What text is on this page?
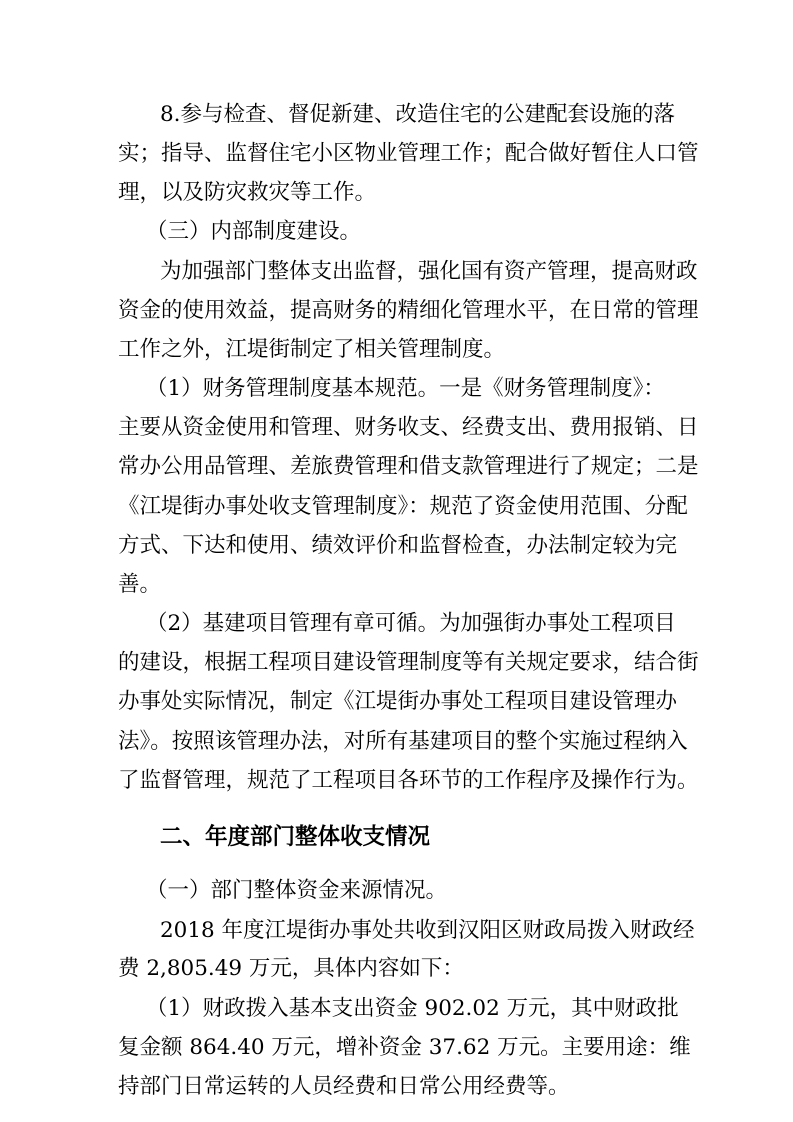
8.参与检查、督促新建、改造住宅的公建配套设施的落
实；指导、监督住宅小区物业管理工作；配合做好暂住人口管
理，以及防灾救灾等工作。
（三）内部制度建设。
为加强部门整体支出监督，强化国有资产管理，提高财政
资金的使用效益，提高财务的精细化管理水平，在日常的管理
工作之外，江堤街制定了相关管理制度。
（1）财务管理制度基本规范。一是《财务管理制度》：
主要从资金使用和管理、财务收支、经费支出、费用报销、日
常办公用品管理、差旅费管理和借支款管理进行了规定；二是
《江堤街办事处收支管理制度》：规范了资金使用范围、分配
方式、下达和使用、绩效评价和监督检查，办法制定较为完
善。
（2）基建项目管理有章可循。为加强街办事处工程项目
的建设，根据工程项目建设管理制度等有关规定要求，结合街
办事处实际情况，制定《江堤街办事处工程项目建设管理办
法》。按照该管理办法，对所有基建项目的整个实施过程纳入
了监督管理，规范了工程项目各环节的工作程序及操作行为。
二、年度部门整体收支情况
（一）部门整体资金来源情况。
2018 年度江堤街办事处共收到汉阳区财政局拨入财政经
费 2,805.49 万元，具体内容如下：
（1）财政拨入基本支出资金 902.02 万元，其中财政批
复金额 864.40 万元，增补资金 37.62 万元。主要用途：维
持部门日常运转的人员经费和日常公用经费等。
